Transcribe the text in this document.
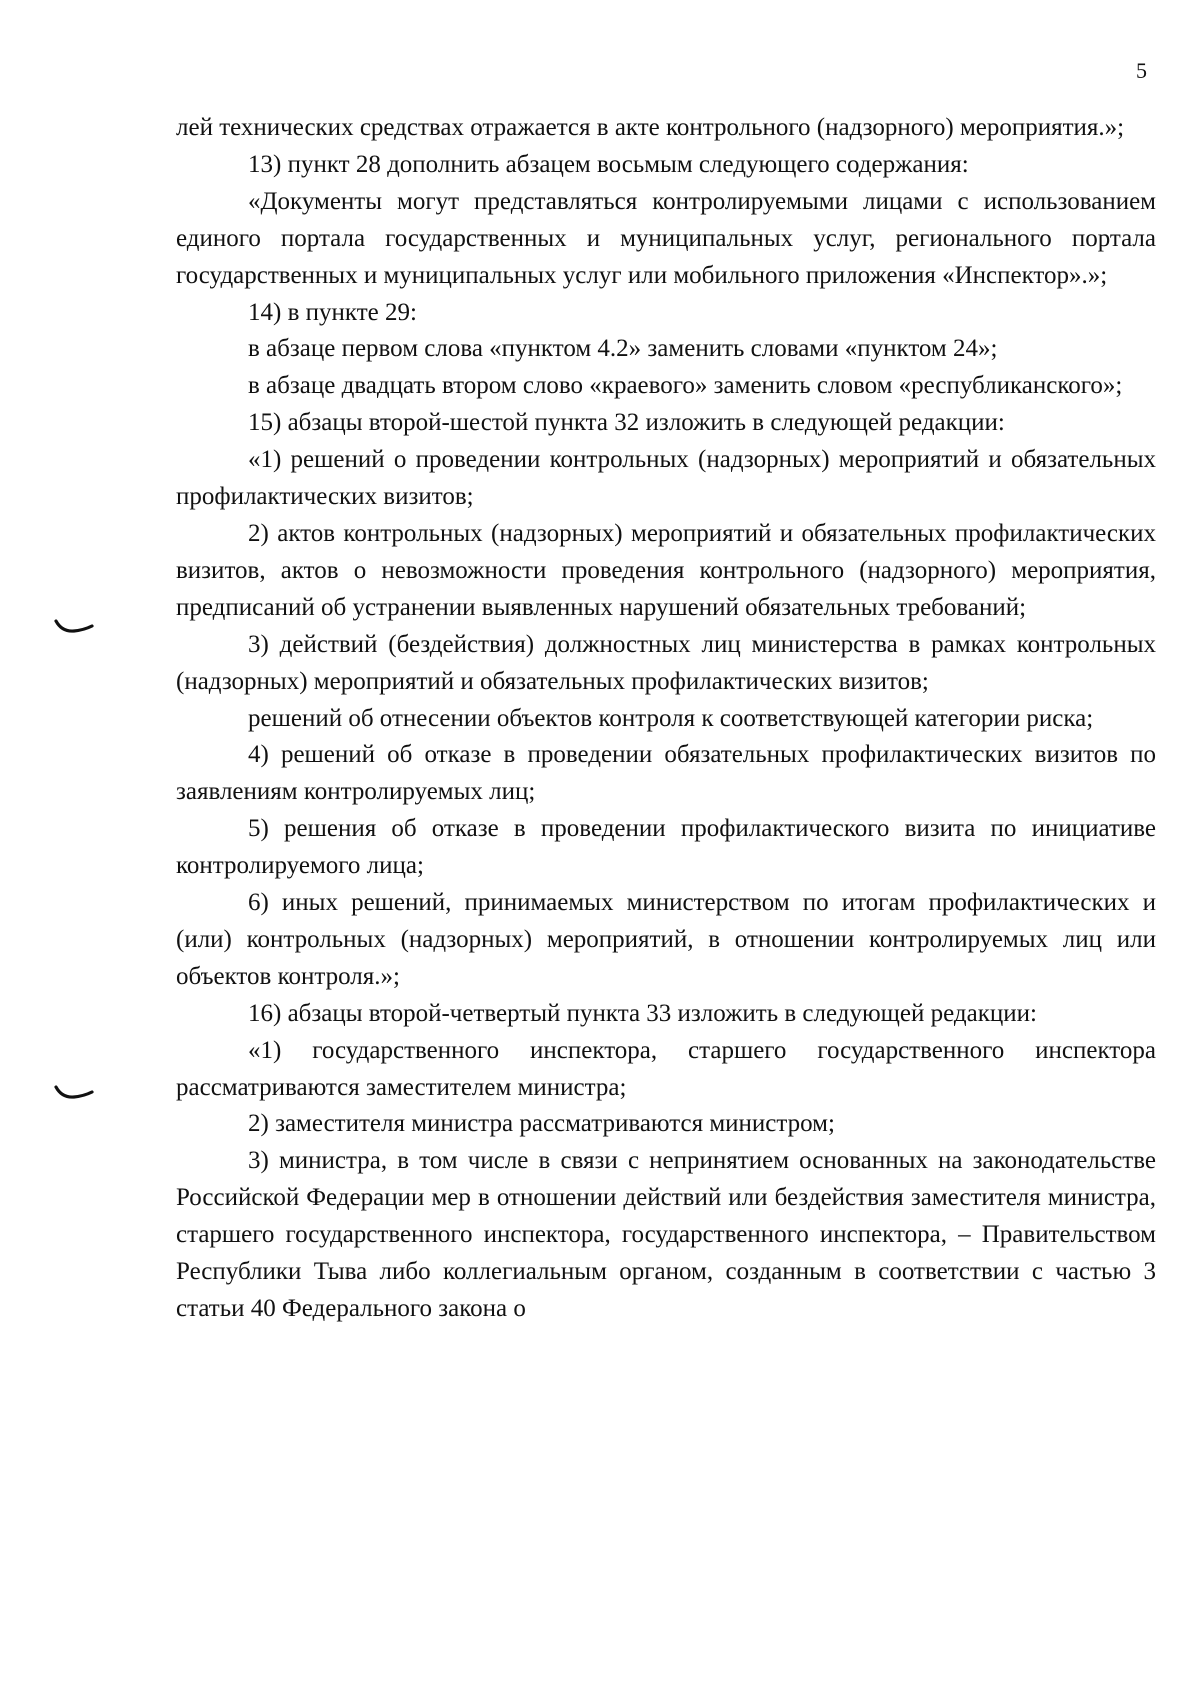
5

лей технических средствах отражается в акте контрольного (надзорного) мероприятия.»;

13) пункт 28 дополнить абзацем восьмым следующего содержания:

«Документы могут представляться контролируемыми лицами с использованием единого портала государственных и муниципальных услуг, регионального портала государственных и муниципальных услуг или мобильного приложения «Инспектор».»;

14) в пункте 29:

в абзаце первом слова «пунктом 4.2» заменить словами «пунктом 24»;

в абзаце двадцать втором слово «краевого» заменить словом «республиканского»;

15) абзацы второй-шестой пункта 32 изложить в следующей редакции:

«1) решений о проведении контрольных (надзорных) мероприятий и обязательных профилактических визитов;

2) актов контрольных (надзорных) мероприятий и обязательных профилактических визитов, актов о невозможности проведения контрольного (надзорного) мероприятия, предписаний об устранении выявленных нарушений обязательных требований;

3) действий (бездействия) должностных лиц министерства в рамках контрольных (надзорных) мероприятий и обязательных профилактических визитов;

решений об отнесении объектов контроля к соответствующей категории риска;

4) решений об отказе в проведении обязательных профилактических визитов по заявлениям контролируемых лиц;

5) решения об отказе в проведении профилактического визита по инициативе контролируемого лица;

6) иных решений, принимаемых министерством по итогам профилактических и (или) контрольных (надзорных) мероприятий, в отношении контролируемых лиц или объектов контроля.»;

16) абзацы второй-четвертый пункта 33 изложить в следующей редакции:

«1) государственного инспектора, старшего государственного инспектора рассматриваются заместителем министра;

2) заместителя министра рассматриваются министром;

3) министра, в том числе в связи с непринятием основанных на законодательстве Российской Федерации мер в отношении действий или бездействия заместителя министра, старшего государственного инспектора, государственного инспектора, – Правительством Республики Тыва либо коллегиальным органом, созданным в соответствии с частью 3 статьи 40 Федерального закона о
